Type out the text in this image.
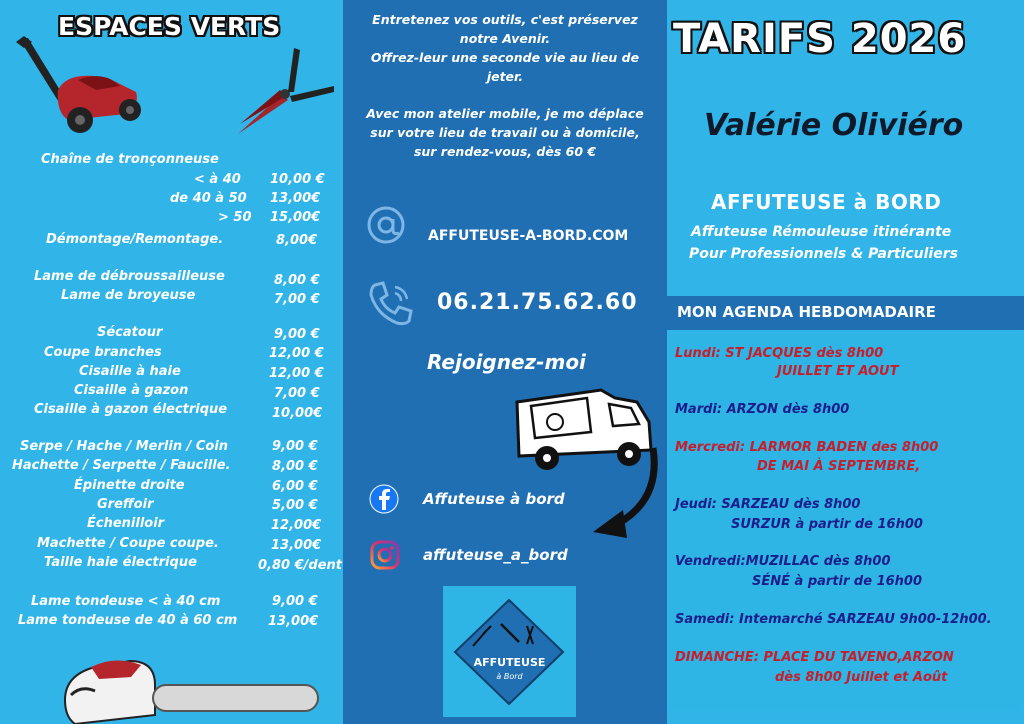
ESPACES VERTS
Chaîne de tronçonneuse
< à 40 10,00 €
de 40 à 50 13,00€
> 50 15,00€
Démontage/Remontage.	8,00€
Lame de débroussailleuse	8,00 €
Lame de broyeuse	7,00 €
Sécatour	9,00 €
Coupe branches	12,00 €
Cisaille à haie	12,00 €
Cisaille à gazon	7,00 €
Cisaille à gazon électrique	10,00€
Serpe / Hache / Merlin / Coin	9,00 €
Hachette / Serpette / Faucille.	8,00 €
Épinette droite	6,00 €
Greffoir	5,00 €
Échenilloir	12,00€
Machette / Coupe coupe.	13,00€
Taille haie électrique	0,80 €/dent
Lame tondeuse < à 40 cm	9,00 €
Lame tondeuse de 40 à 60 cm 13,00€
Entretenez vos outils, c'est préservez
notre Avenir.
Offrez-leur une seconde vie au lieu de
jeter.
Avec mon atelier mobile, je mo déplace
sur votre lieu de travail ou à domicile,
sur rendez-vous, dès 60 €
AFFUTEUSE-A-BORD.COM
06.21.75.62.60
Rejoignez-moi
Affuteuse à bord
affuteuse_a_bord
AFFUTEUSE
à Bord
TARIFS 2026
Valérie Oliviéro
AFFUTEUSE à BORD
Affuteuse Rémouleuse itinérante
Pour Professionnels & Particuliers
MON AGENDA HEBDOMADAIRE
Lundi: ST JACQUES dès 8h00
JUILLET ET AOUT
Mardi: ARZON dès 8h00
Mercredi: LARMOR BADEN des 8h00
DE MAI À SEPTEMBRE,
Jeudi: SARZEAU dès 8h00
SURZUR à partir de 16h00
Vendredi:MUZILLAC dès 8h00
SÉNÉ à partir de 16h00
Samedi: Intemarché SARZEAU 9h00-12h00.
DIMANCHE: PLACE DU TAVENO,ARZON
dès 8h00 Juillet et Août
